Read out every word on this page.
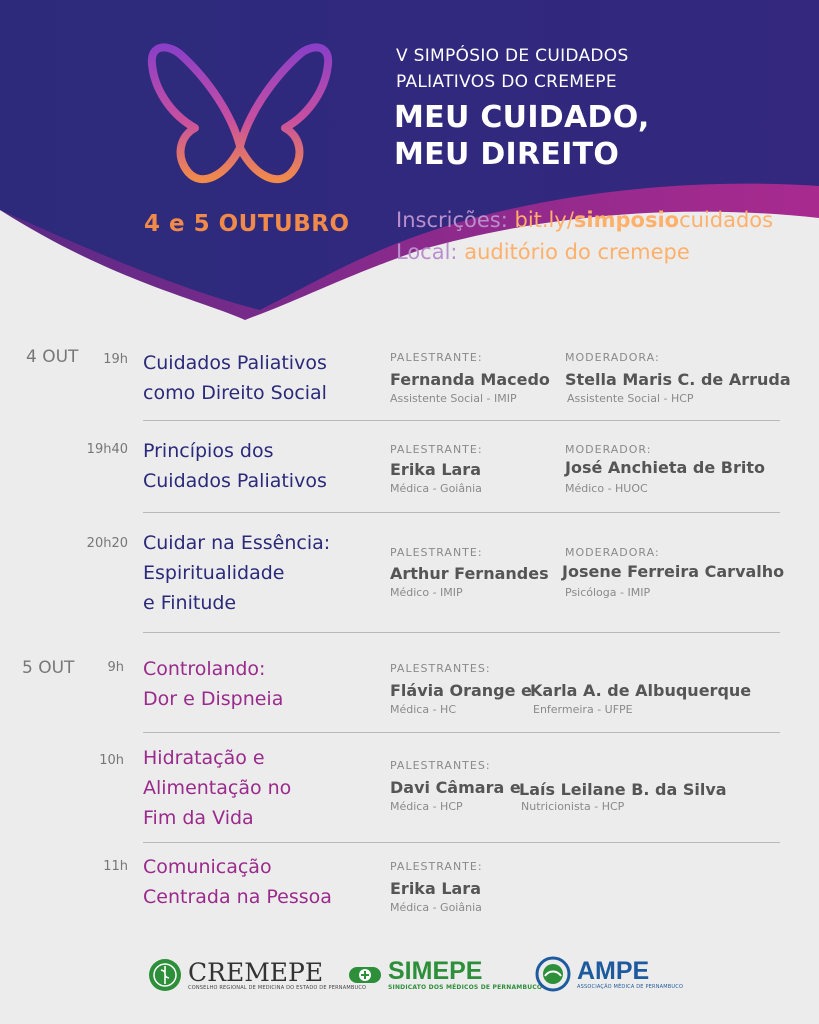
V SIMPÓSIO DE CUIDADOS
PALIATIVOS DO CREMEPE
MEU CUIDADO,
MEU DIREITO
4 e 5 OUTUBRO Inscrições: bit.ly/simposiocuidados
Local: auditório do cremepe
4 OUT
5 OUT
19h Cuidados Paliativos
como Direito Social
PALESTRANTE:
Fernanda Macedo
Assistente Social - IMIP
MODERADORA:
Stella Maris C. de Arruda
Assistente Social - HCP
19h40 Princípios dos
Cuidados Paliativos
PALESTRANTE:
Erika Lara
Médica - Goiânia
MODERADOR:
José Anchieta de Brito
Médico - HUOC
20h20 Cuidar na Essência:
Espiritualidade
e Finitude
PALESTRANTE:
Arthur Fernandes
Médico - IMIP
MODERADORA:
Josene Ferreira Carvalho
Psicóloga - IMIP
9h Controlando:
Dor e Dispneia
PALESTRANTES:
Flávia Orange e
Médica - HC
Karla A. de Albuquerque
Enfermeira - UFPE
10h Hidratação e
Alimentação no
Fim da Vida
PALESTRANTES:
Davi Câmara e
Médica - HCP
Laís Leilane B. da Silva
Nutricionista - HCP
11h Comunicação
Centrada na Pessoa
PALESTRANTE:
Erika Lara
Médica - Goiânia
CREMEPE
CONSELHO REGIONAL DE MEDICINA DO ESTADO DE PERNAMBUCO
SIMEPE
SINDICATO DOS MÉDICOS DE PERNAMBUCO
AMPE
ASSOCIAÇÃO MÉDICA DE PERNAMBUCO
